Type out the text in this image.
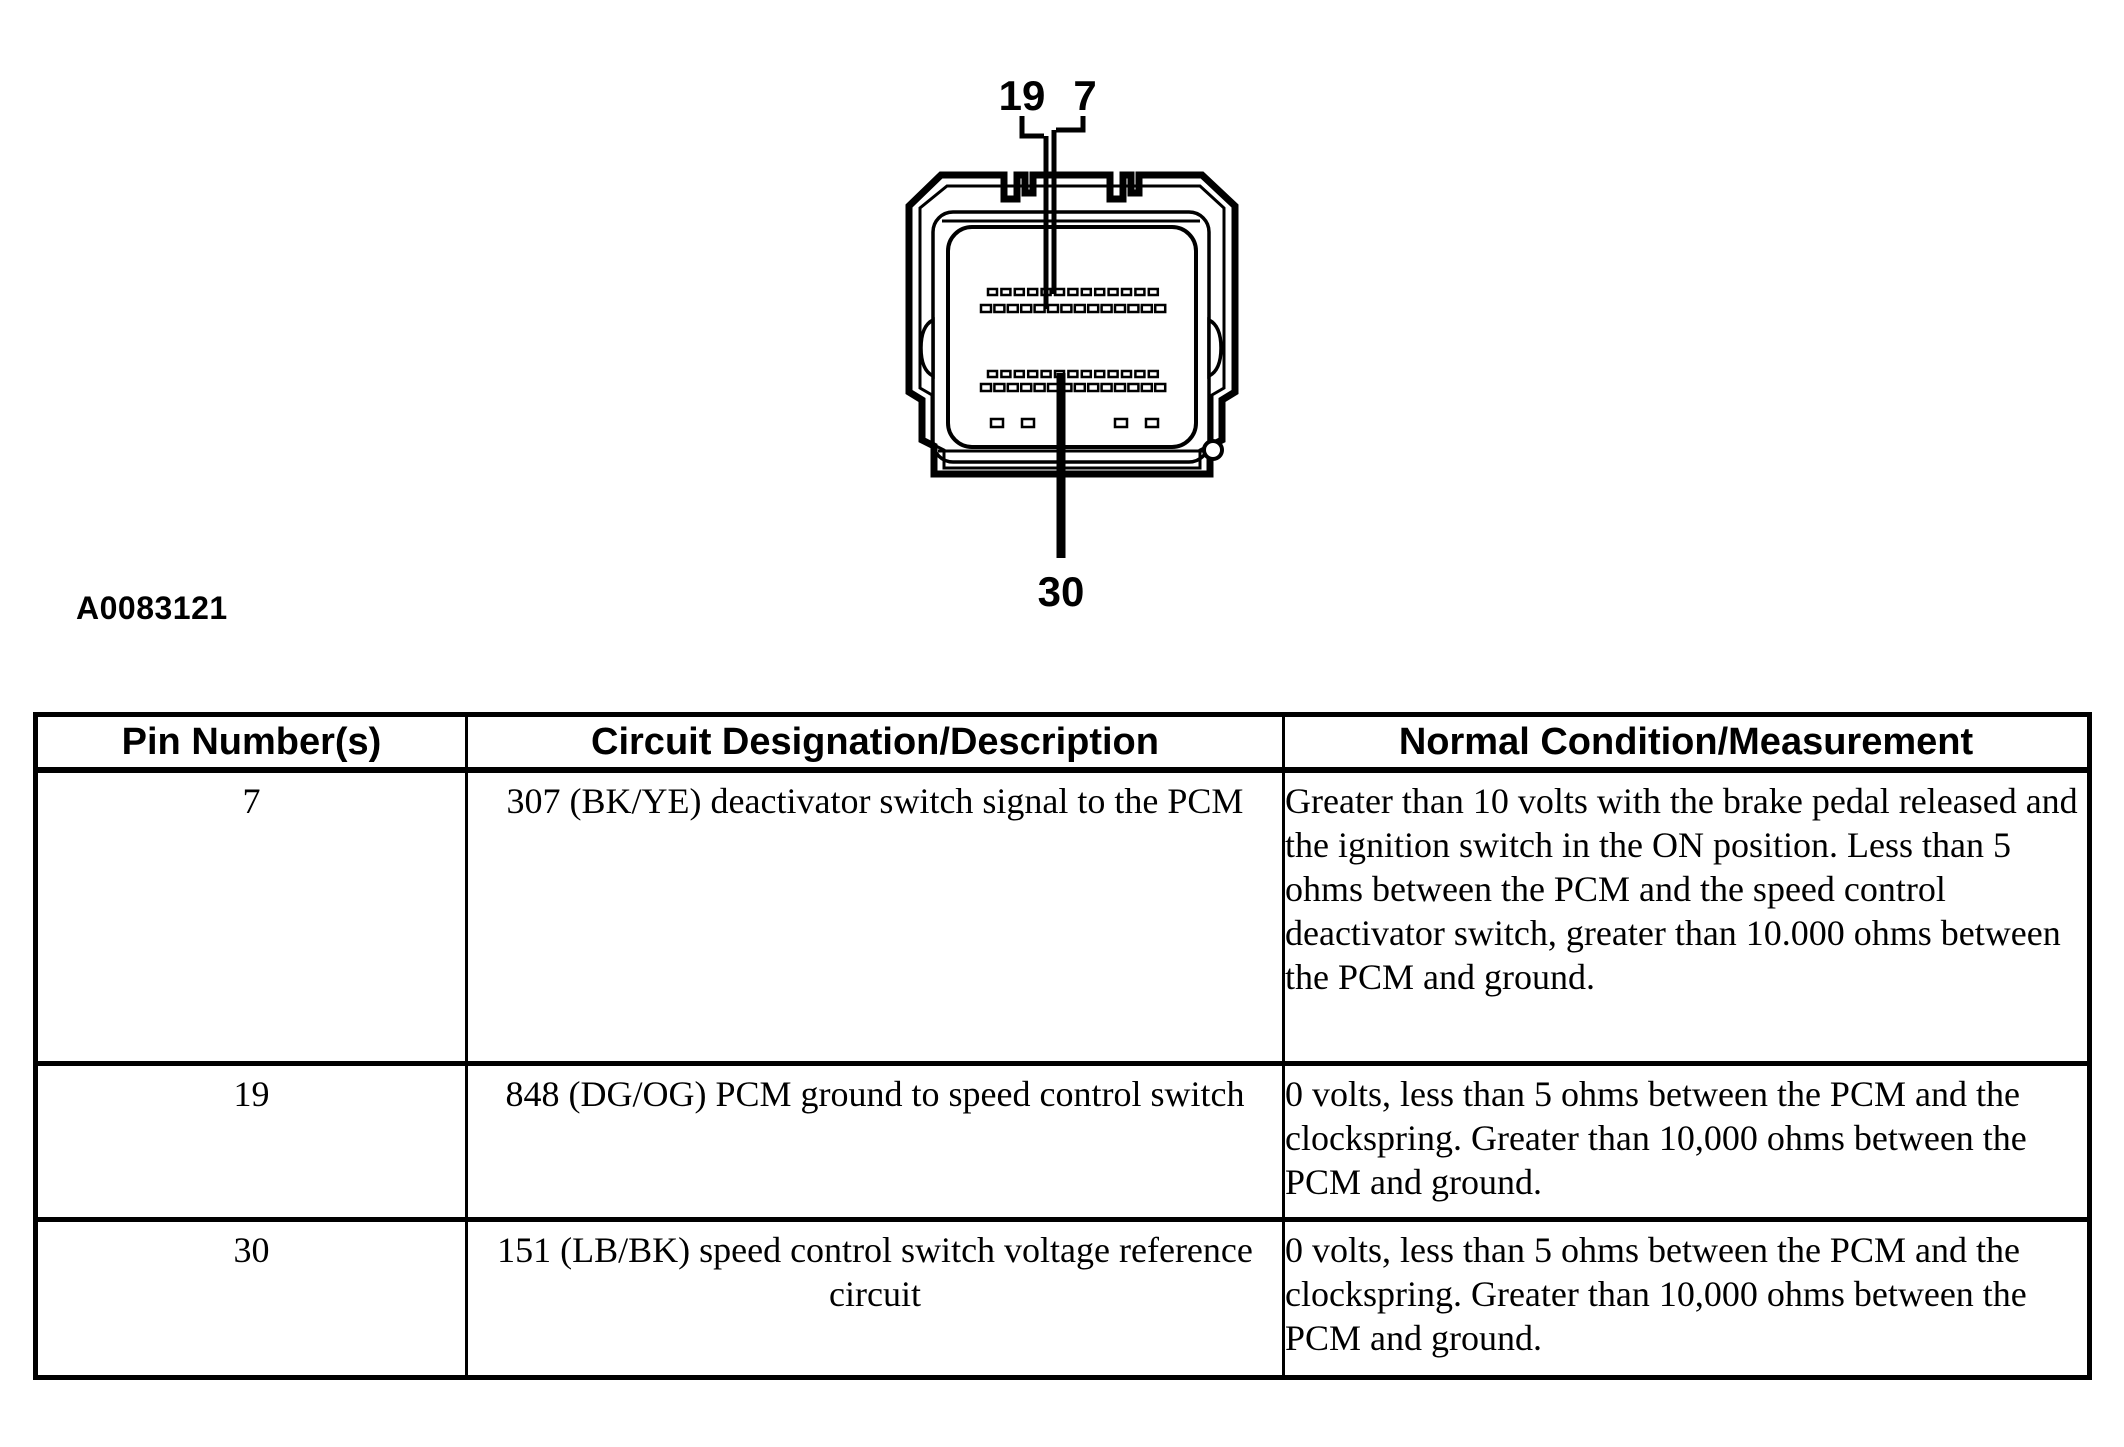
19 7
30
A0083121
Pin Number(s)	Circuit Designation/Description	Normal Condition/Measurement
7	307 (BK/YE) deactivator switch signal to the PCM	Greater than 10 volts with the brake pedal released and the ignition switch in the ON position. Less than 5 ohms between the PCM and the speed control deactivator switch, greater than 10.000 ohms between the PCM and ground.
19	848 (DG/OG) PCM ground to speed control switch	0 volts, less than 5 ohms between the PCM and the clockspring. Greater than 10,000 ohms between the PCM and ground.
30	151 (LB/BK) speed control switch voltage reference circuit	0 volts, less than 5 ohms between the PCM and the clockspring. Greater than 10,000 ohms between the PCM and ground.
